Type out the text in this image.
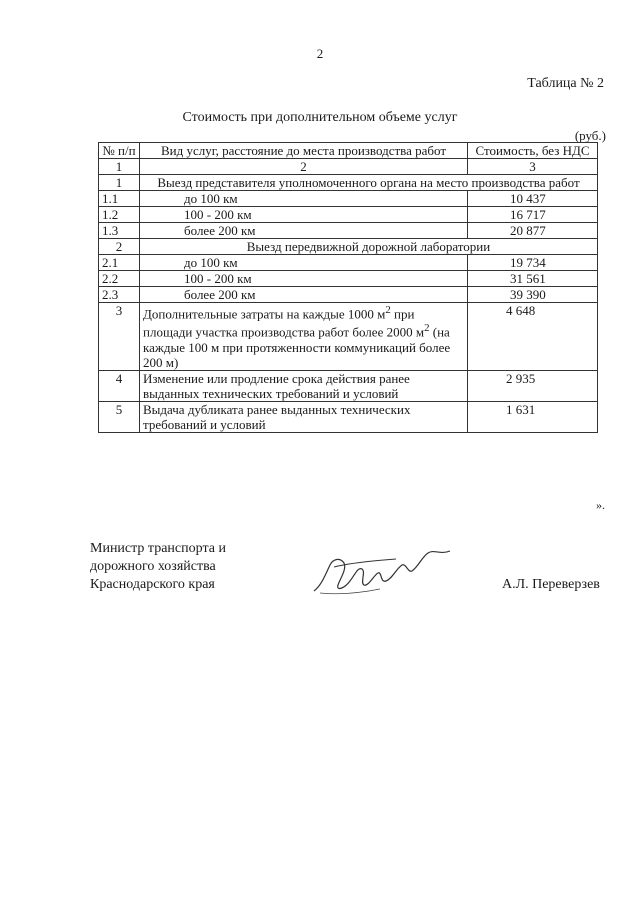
2
Таблица № 2
Стоимость при дополнительном объеме услуг
(руб.)
№ п/п	Вид услуг, расстояние до места производства работ	Стоимость, без НДС
1	2	3
1	Выезд представителя уполномоченного органа на место производства работ	
1.1	до 100 км	10 437
1.2	100 - 200 км	16 717
1.3	более 200 км	20 877
2	Выезд передвижной дорожной лаборатории	
2.1	до 100 км	19 734
2.2	100 - 200 км	31 561
2.3	более 200 км	39 390
3	Дополнительные затраты на каждые 1000 $м^2$ при площади участка производства работ более 2000 $м^2$ (на каждые 100 м при протяженности коммуникаций более 200 м)	4 648
4	Изменение или продление срока действия ранее выданных технических требований и условий	2 935
5	Выдача дубликата ранее выданных технических требований и условий	1 631
».
Министр транспорта и
дорожного хозяйства
Краснодарского края	А.Л. Переверзев
